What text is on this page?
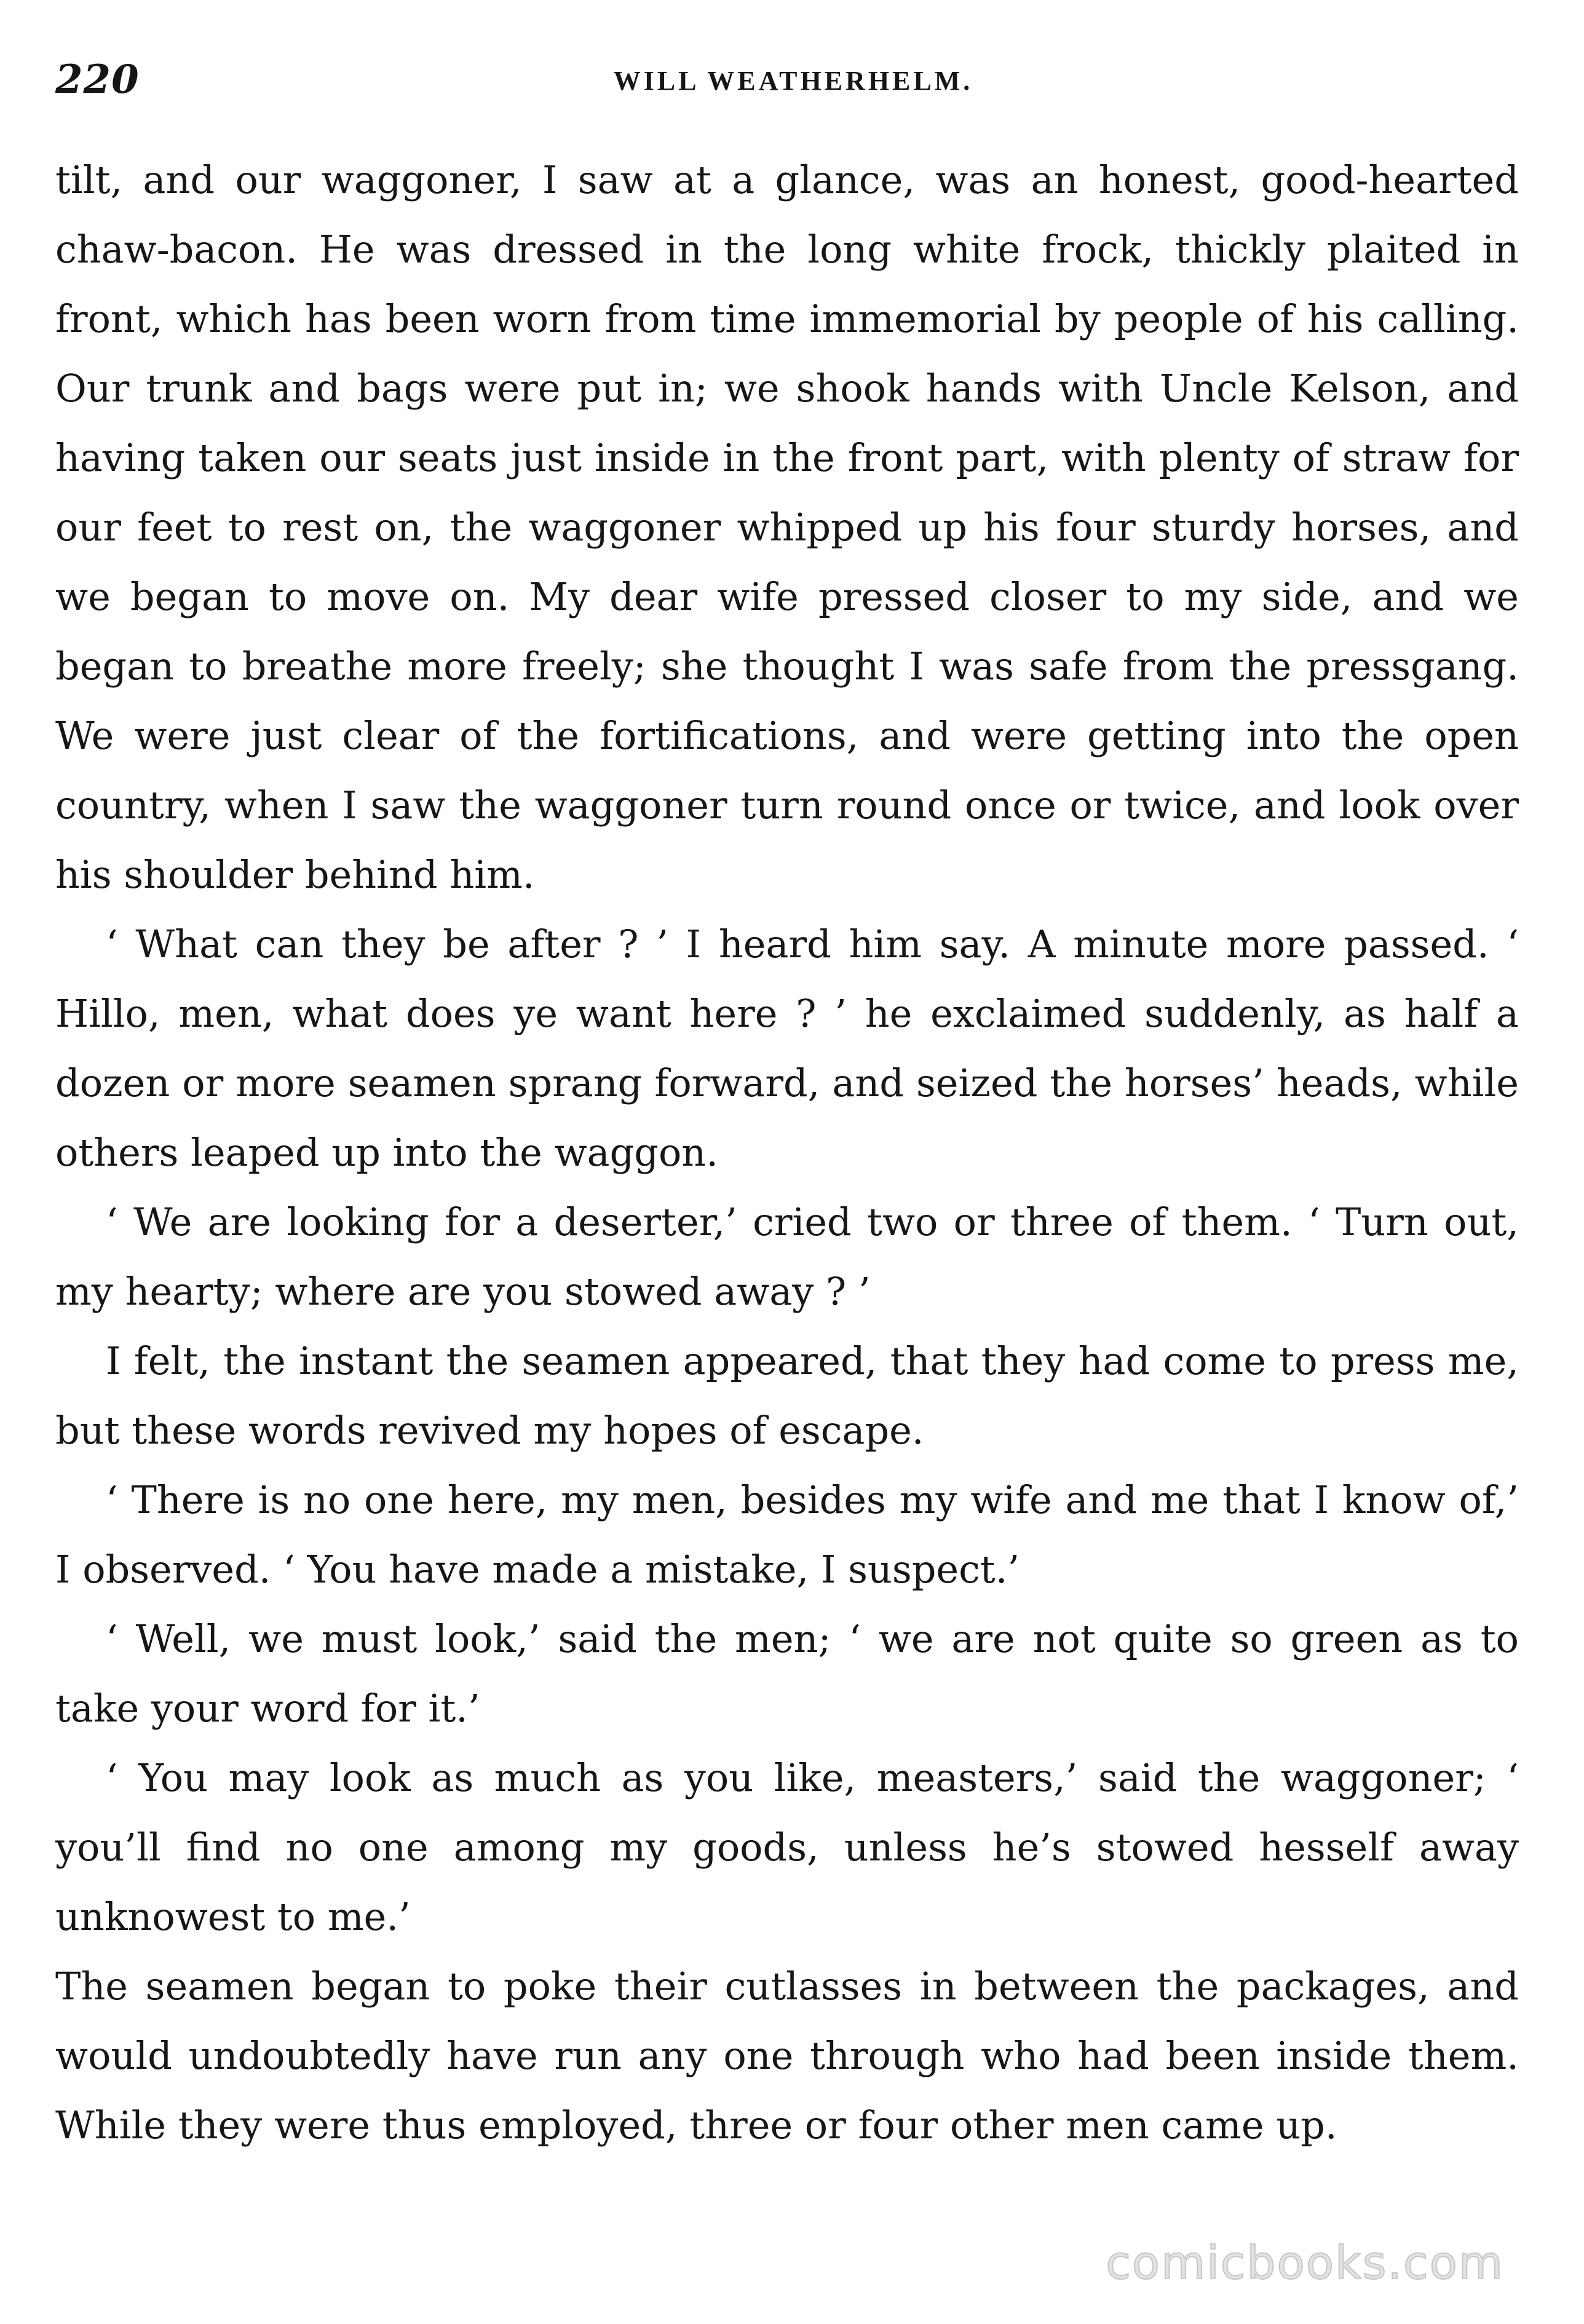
220	WILL WEATHERHELM.

tilt, and our waggoner, I saw at a glance, was an honest, good-hearted chaw-bacon. He was dressed in the long white frock, thickly plaited in front, which has been worn from time immemorial by people of his calling. Our trunk and bags were put in; we shook hands with Uncle Kelson, and having taken our seats just inside in the front part, with plenty of straw for our feet to rest on, the waggoner whipped up his four sturdy horses, and we began to move on. My dear wife pressed closer to my side, and we began to breathe more freely; she thought I was safe from the pressgang. We were just clear of the fortifications, and were getting into the open country, when I saw the waggoner turn round once or twice, and look over his shoulder behind him.

‘ What can they be after ? ’ I heard him say. A minute more passed. ‘ Hillo, men, what does ye want here ? ’ he exclaimed suddenly, as half a dozen or more seamen sprang forward, and seized the horses’ heads, while others leaped up into the waggon.

‘ We are looking for a deserter,’ cried two or three of them. ‘ Turn out, my hearty; where are you stowed away ? ’

I felt, the instant the seamen appeared, that they had come to press me, but these words revived my hopes of escape.

‘ There is no one here, my men, besides my wife and me that I know of,’ I observed. ‘ You have made a mistake, I suspect.’

‘ Well, we must look,’ said the men; ‘ we are not quite so green as to take your word for it.’

‘ You may look as much as you like, measters,’ said the waggoner; ‘ you’ll find no one among my goods, unless he’s stowed hesself away unknowest to me.’

The seamen began to poke their cutlasses in between the packages, and would undoubtedly have run any one through who had been inside them. While they were thus employed, three or four other men came up.

comicbooks.com
